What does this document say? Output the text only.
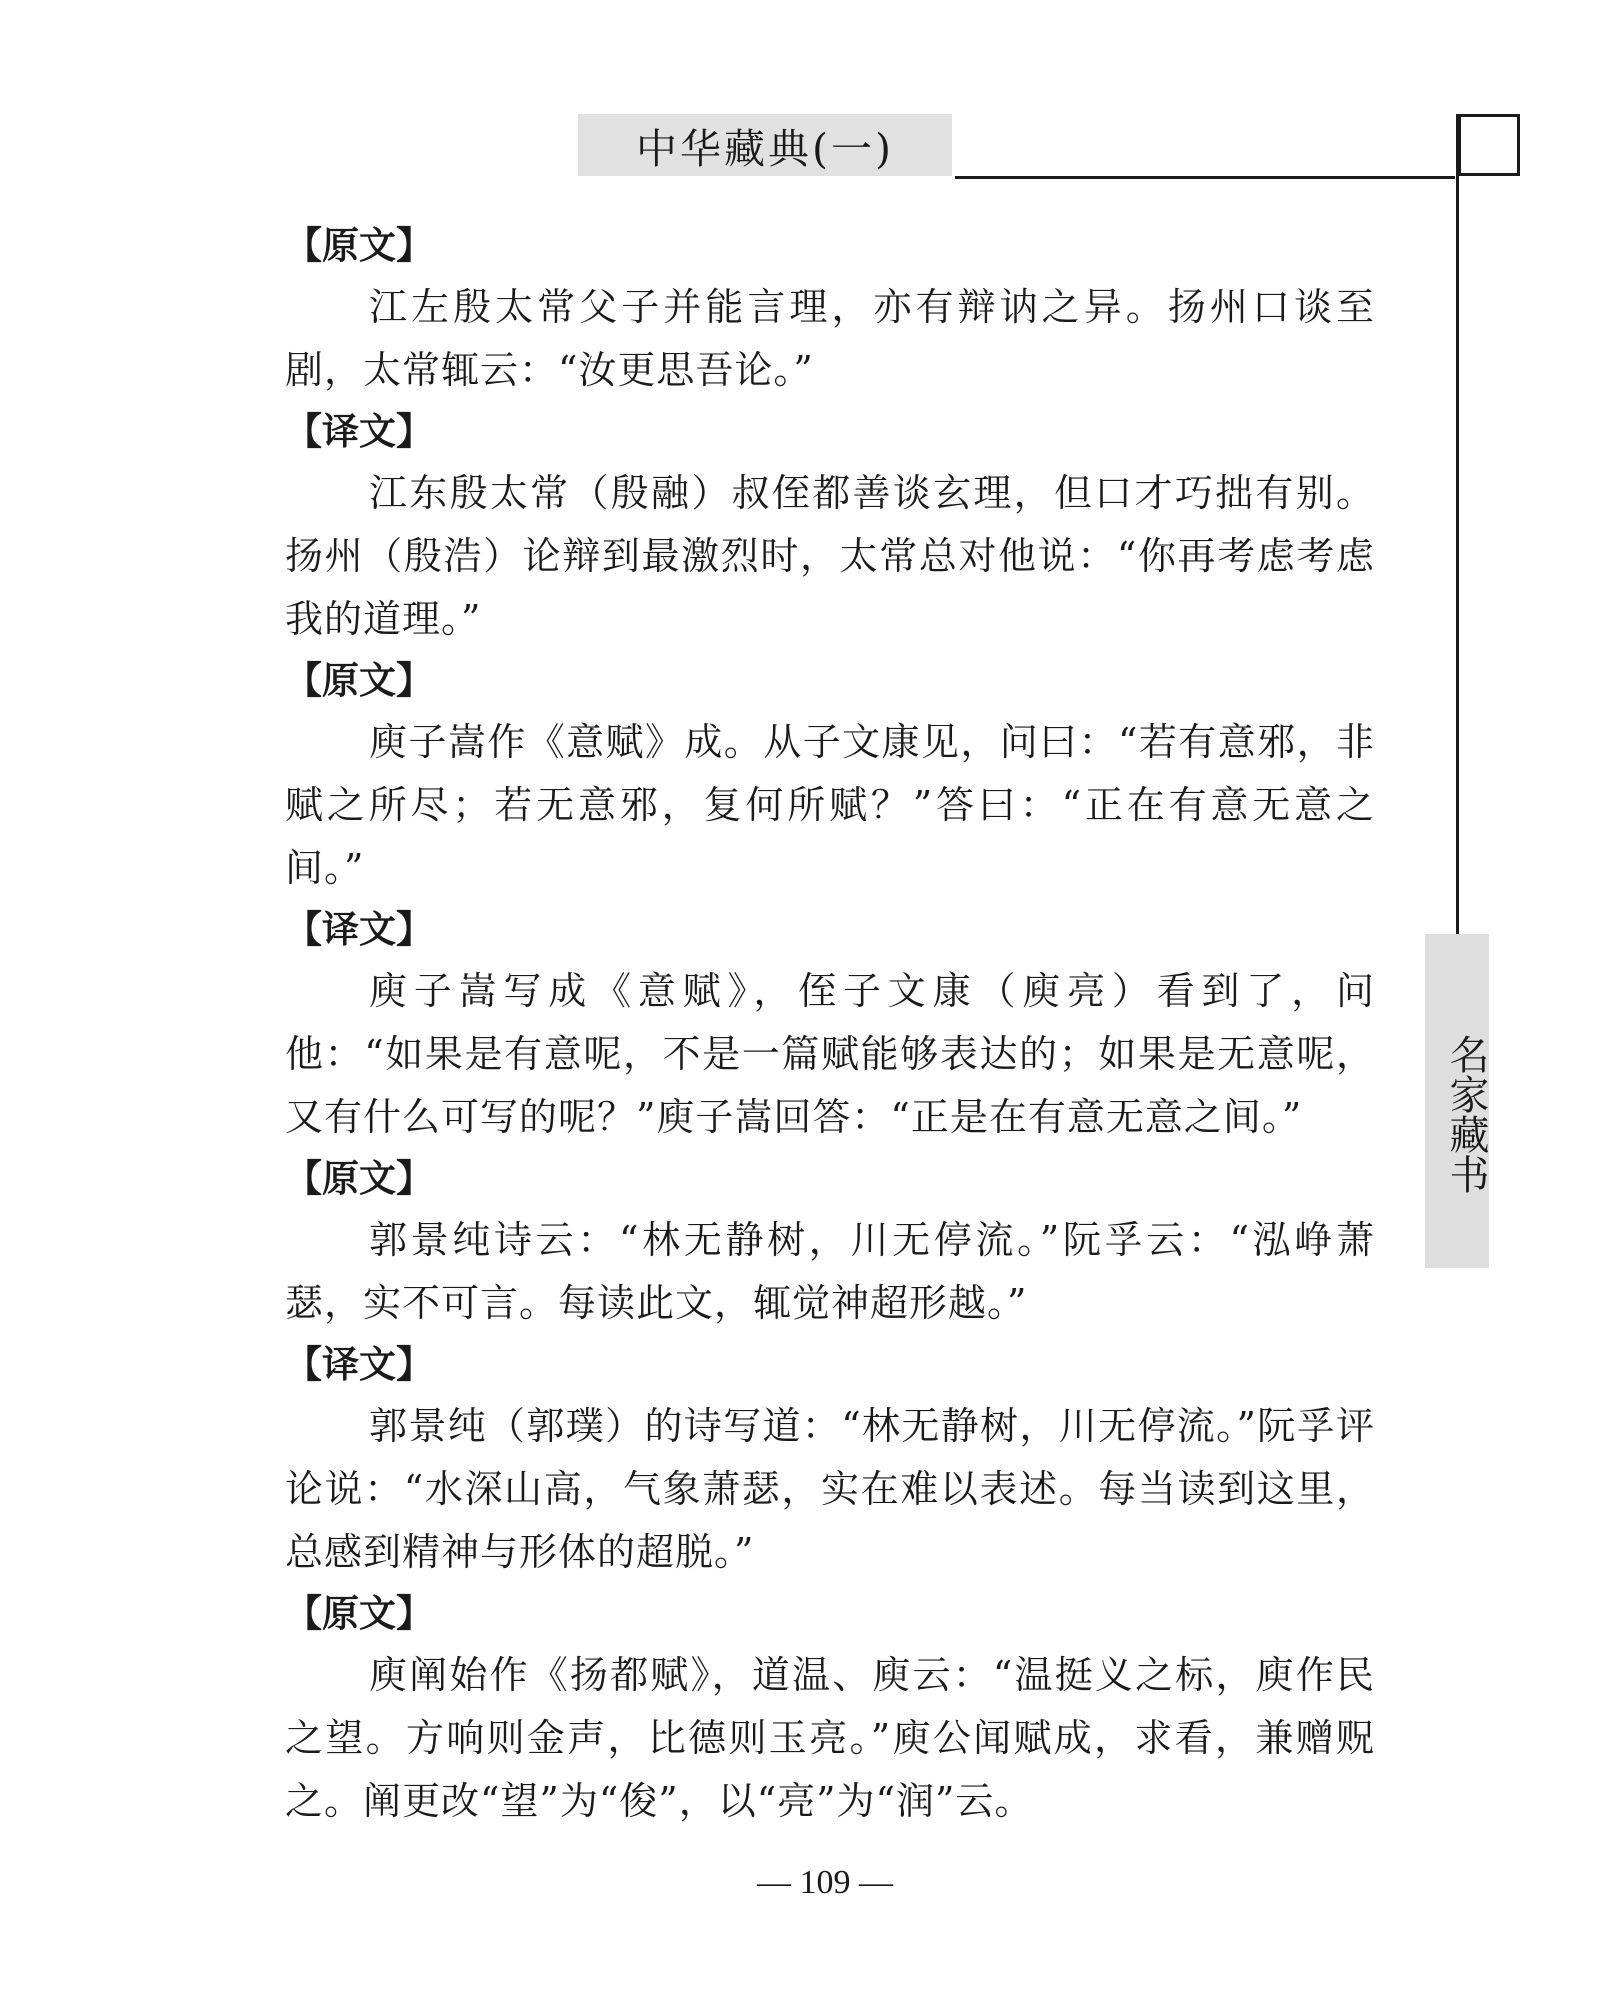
中华藏典(一)
名家藏书

【原文】

江左殷太常父子并能言理，亦有辩讷之异。扬州口谈至剧，太常辄云：“汝更思吾论。”

【译文】

江东殷太常（殷融）叔侄都善谈玄理，但口才巧拙有别。扬州（殷浩）论辩到最激烈时，太常总对他说：“你再考虑考虑我的道理。”

【原文】

庾子嵩作《意赋》成。从子文康见，问曰：“若有意邪，非赋之所尽；若无意邪，复何所赋？”答曰：“正在有意无意之间。”

【译文】

庾子嵩写成《意赋》，侄子文康（庾亮）看到了，问他：“如果是有意呢，不是一篇赋能够表达的；如果是无意呢，又有什么可写的呢？”庾子嵩回答：“正是在有意无意之间。”

【原文】

郭景纯诗云：“林无静树，川无停流。”阮孚云：“泓峥萧瑟，实不可言。每读此文，辄觉神超形越。”

【译文】

郭景纯（郭璞）的诗写道：“林无静树，川无停流。”阮孚评论说：“水深山高，气象萧瑟，实在难以表述。每当读到这里，总感到精神与形体的超脱。”

【原文】

庾阐始作《扬都赋》，道温、庾云：“温挺义之标，庾作民之望。方响则金声，比德则玉亮。”庾公闻赋成，求看，兼赠贶之。阐更改“望”为“俊”，以“亮”为“润”云。

— 109 —
